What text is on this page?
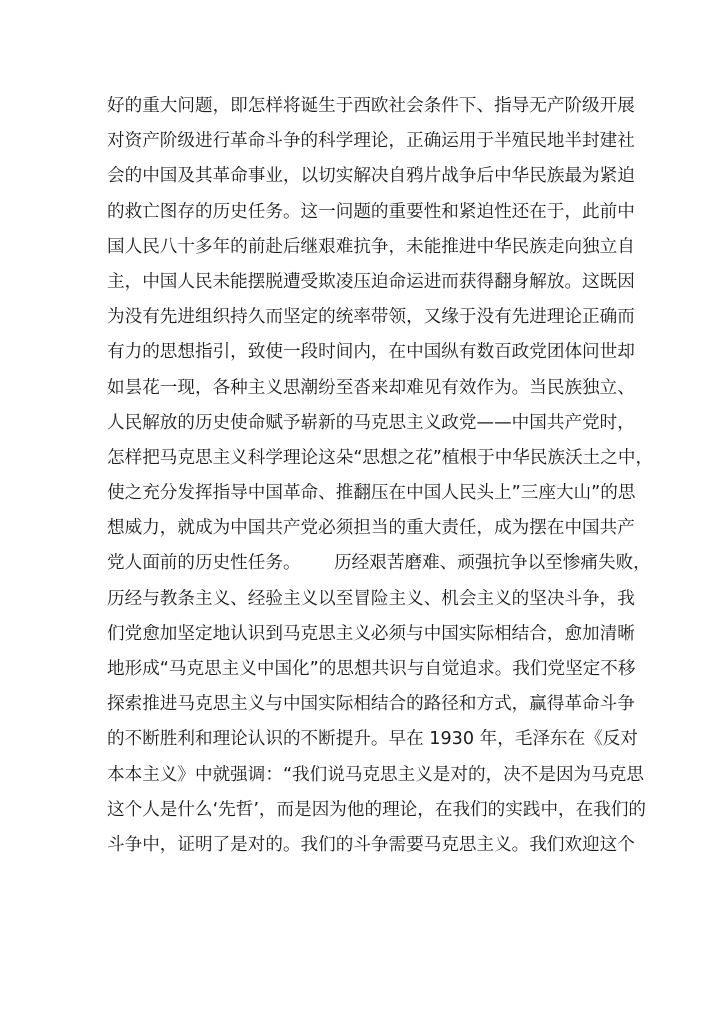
好的重大问题，即怎样将诞生于西欧社会条件下、指导无产阶级开展
对资产阶级进行革命斗争的科学理论，正确运用于半殖民地半封建社
会的中国及其革命事业，以切实解决自鸦片战争后中华民族最为紧迫
的救亡图存的历史任务。这一问题的重要性和紧迫性还在于，此前中
国人民八十多年的前赴后继艰难抗争，未能推进中华民族走向独立自
主，中国人民未能摆脱遭受欺凌压迫命运进而获得翻身解放。这既因
为没有先进组织持久而坚定的统率带领，又缘于没有先进理论正确而
有力的思想指引，致使一段时间内，在中国纵有数百政党团体问世却
如昙花一现，各种主义思潮纷至沓来却难见有效作为。当民族独立、
人民解放的历史使命赋予崭新的马克思主义政党——中国共产党时，
怎样把马克思主义科学理论这朵“思想之花”植根于中华民族沃土之中，
使之充分发挥指导中国革命、推翻压在中国人民头上”三座大山”的思
想威力，就成为中国共产党必须担当的重大责任，成为摆在中国共产
党人面前的历史性任务。      历经艰苦磨难、顽强抗争以至惨痛失败，
历经与教条主义、经验主义以至冒险主义、机会主义的坚决斗争，我
们党愈加坚定地认识到马克思主义必须与中国实际相结合，愈加清晰
地形成“马克思主义中国化”的思想共识与自觉追求。我们党坚定不移
探索推进马克思主义与中国实际相结合的路径和方式，赢得革命斗争
的不断胜利和理论认识的不断提升。早在 1930 年，毛泽东在《反对
本本主义》中就强调：“我们说马克思主义是对的，决不是因为马克思
这个人是什么‘先哲’，而是因为他的理论，在我们的实践中，在我们的
斗争中，证明了是对的。我们的斗争需要马克思主义。我们欢迎这个
